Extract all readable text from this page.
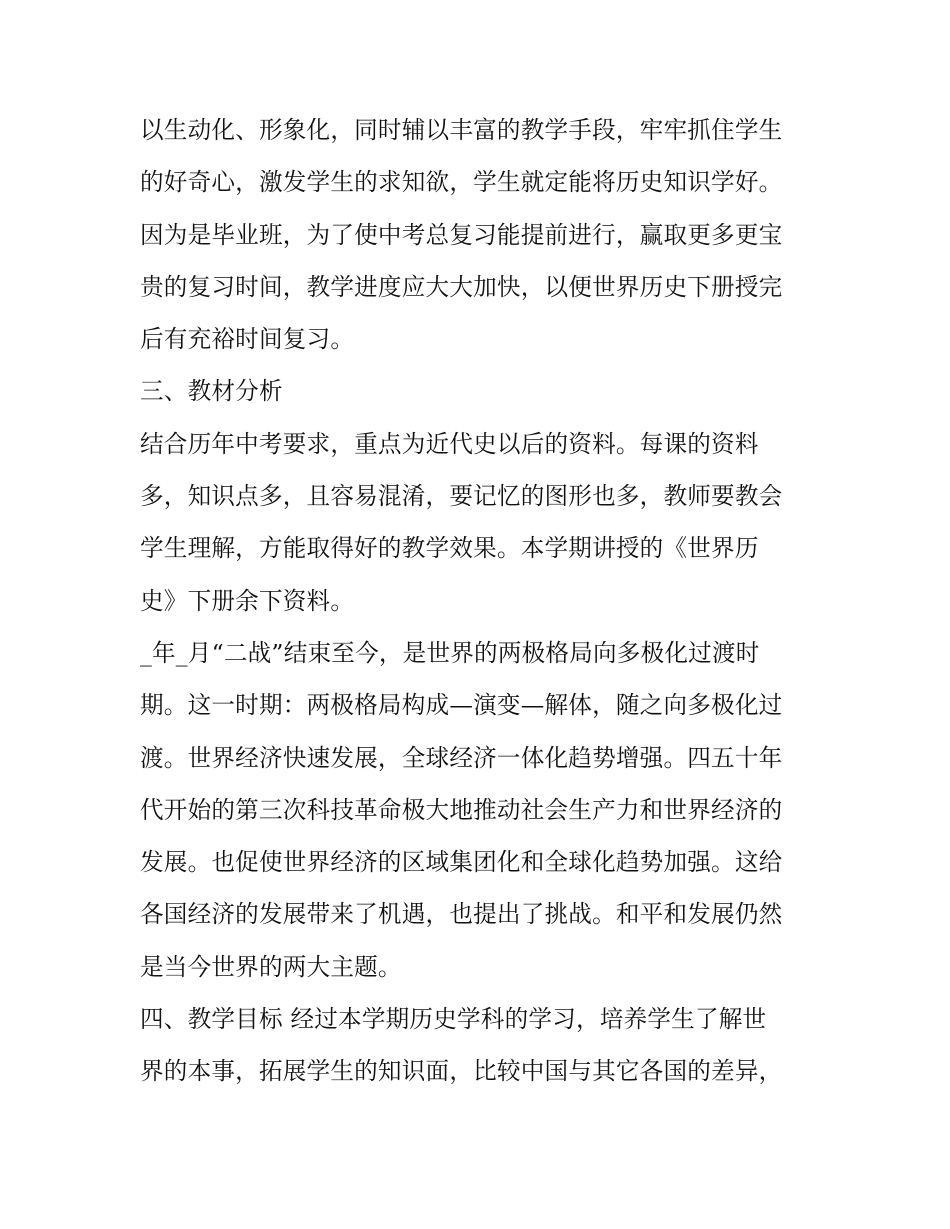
以生动化、形象化，同时辅以丰富的教学手段，牢牢抓住学生
的好奇心，激发学生的求知欲，学生就定能将历史知识学好。
因为是毕业班，为了使中考总复习能提前进行，赢取更多更宝
贵的复习时间，教学进度应大大加快，以便世界历史下册授完
后有充裕时间复习。
三、教材分析
结合历年中考要求，重点为近代史以后的资料。每课的资料
多，知识点多，且容易混淆，要记忆的图形也多，教师要教会
学生理解，方能取得好的教学效果。本学期讲授的《世界历
史》下册余下资料。
_年_月“二战”结束至今，是世界的两极格局向多极化过渡时
期。这一时期：两极格局构成—演变—解体，随之向多极化过
渡。世界经济快速发展，全球经济一体化趋势增强。四五十年
代开始的第三次科技革命极大地推动社会生产力和世界经济的
发展。也促使世界经济的区域集团化和全球化趋势加强。这给
各国经济的发展带来了机遇，也提出了挑战。和平和发展仍然
是当今世界的两大主题。
四、教学目标 经过本学期历史学科的学习，培养学生了解世
界的本事，拓展学生的知识面，比较中国与其它各国的差异，
